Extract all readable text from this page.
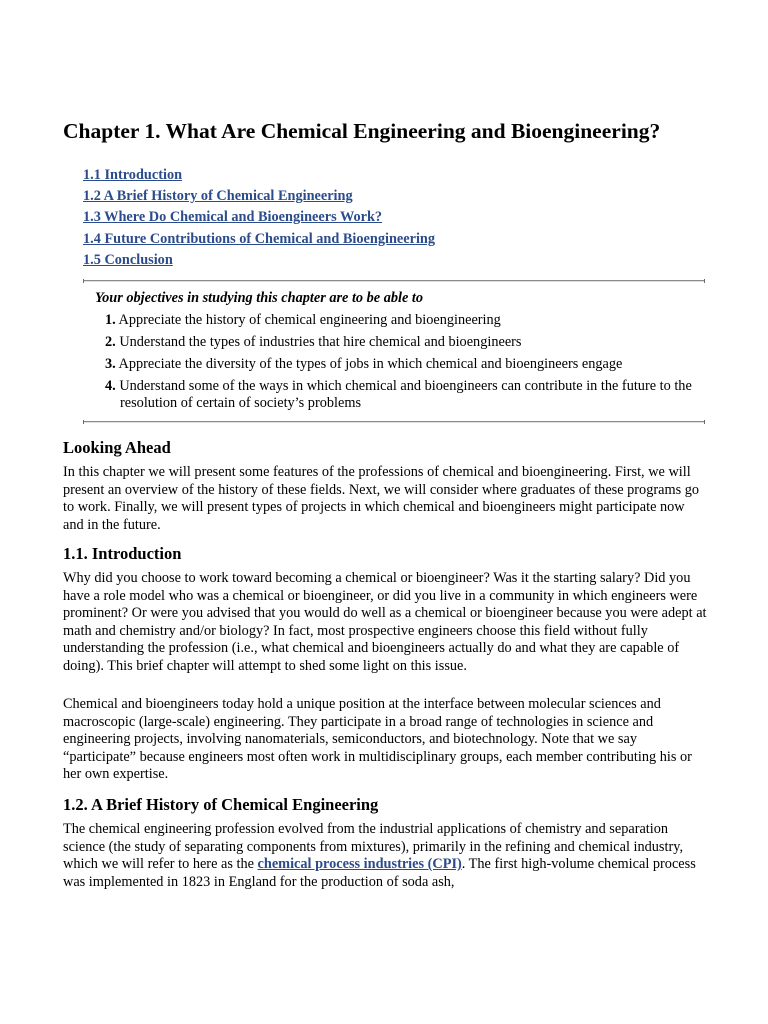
Chapter 1. What Are Chemical Engineering and Bioengineering?
1.1 Introduction
1.2 A Brief History of Chemical Engineering
1.3 Where Do Chemical and Bioengineers Work?
1.4 Future Contributions of Chemical and Bioengineering
1.5 Conclusion
Your objectives in studying this chapter are to be able to
1. Appreciate the history of chemical engineering and bioengineering
2. Understand the types of industries that hire chemical and bioengineers
3. Appreciate the diversity of the types of jobs in which chemical and bioengineers engage
4. Understand some of the ways in which chemical and bioengineers can contribute in the future to the resolution of certain of society’s problems
Looking Ahead

In this chapter we will present some features of the professions of chemical and bioengineering. First, we will present an overview of the history of these fields. Next, we will consider where graduates of these programs go to work. Finally, we will present types of projects in which chemical and bioengineers might participate now and in the future.

1.1. Introduction

Why did you choose to work toward becoming a chemical or bioengineer? Was it the starting salary? Did you have a role model who was a chemical or bioengineer, or did you live in a community in which engineers were prominent? Or were you advised that you would do well as a chemical or bioengineer because you were adept at math and chemistry and/or biology? In fact, most prospective engineers choose this field without fully understanding the profession (i.e., what chemical and bioengineers actually do and what they are capable of doing). This brief chapter will attempt to shed some light on this issue.

Chemical and bioengineers today hold a unique position at the interface between molecular sciences and macroscopic (large-scale) engineering. They participate in a broad range of technologies in science and engineering projects, involving nanomaterials, semiconductors, and biotechnology. Note that we say “participate” because engineers most often work in multidisciplinary groups, each member contributing his or her own expertise.

1.2. A Brief History of Chemical Engineering

The chemical engineering profession evolved from the industrial applications of chemistry and separation science (the study of separating components from mixtures), primarily in the refining and chemical industry, which we will refer to here as the chemical process industries (CPI). The first high-volume chemical process was implemented in 1823 in England for the production of soda ash,
